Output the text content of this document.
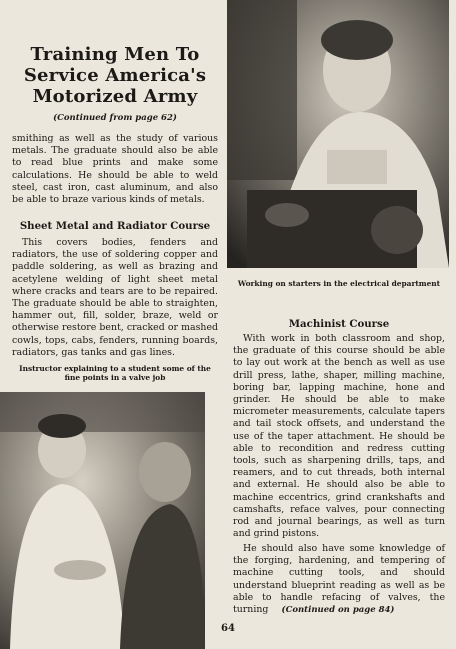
Training Men To Service America's Motorized Army
(Continued from page 62)
smithing as well as the study of various metals. The graduate should also be able to read blue prints and make some calculations. He should be able to weld steel, cast iron, cast aluminum, and also be able to braze various kinds of metals.
Sheet Metal and Radiator Course
This covers bodies, fenders and radiators, the use of soldering copper and paddle soldering, as well as brazing and acetylene welding of light sheet metal where cracks and tears are to be repaired. The graduate should be able to straighten, hammer out, fill, solder, braze, weld or otherwise restore bent, cracked or mashed cowls, tops, cabs, fenders, running boards, radiators, gas tanks and gas lines.
Instructor explaining to a student some of the fine points in a valve job
Working on starters in the electrical department
Machinist Course
With work in both classroom and shop, the graduate of this course should be able to lay out work at the bench as well as use drill press, lathe, shaper, milling machine, boring bar, lapping machine, hone and grinder. He should be able to make micrometer measurements, calculate tapers and tail stock offsets, and understand the use of the taper attachment. He should be able to recondition and redress cutting tools, such as sharpening drills, taps, and reamers, and to cut threads, both internal and external. He should also be able to machine eccentrics, grind crankshafts and camshafts, reface valves, pour connecting rod and journal bearings, as well as turn and grind pistons.
He should also have some knowledge of the forging, hardening, and tempering of machine cutting tools, and should understand blueprint reading as well as be able to handle refacing of valves, the turning	(Continued on page 84)
64
